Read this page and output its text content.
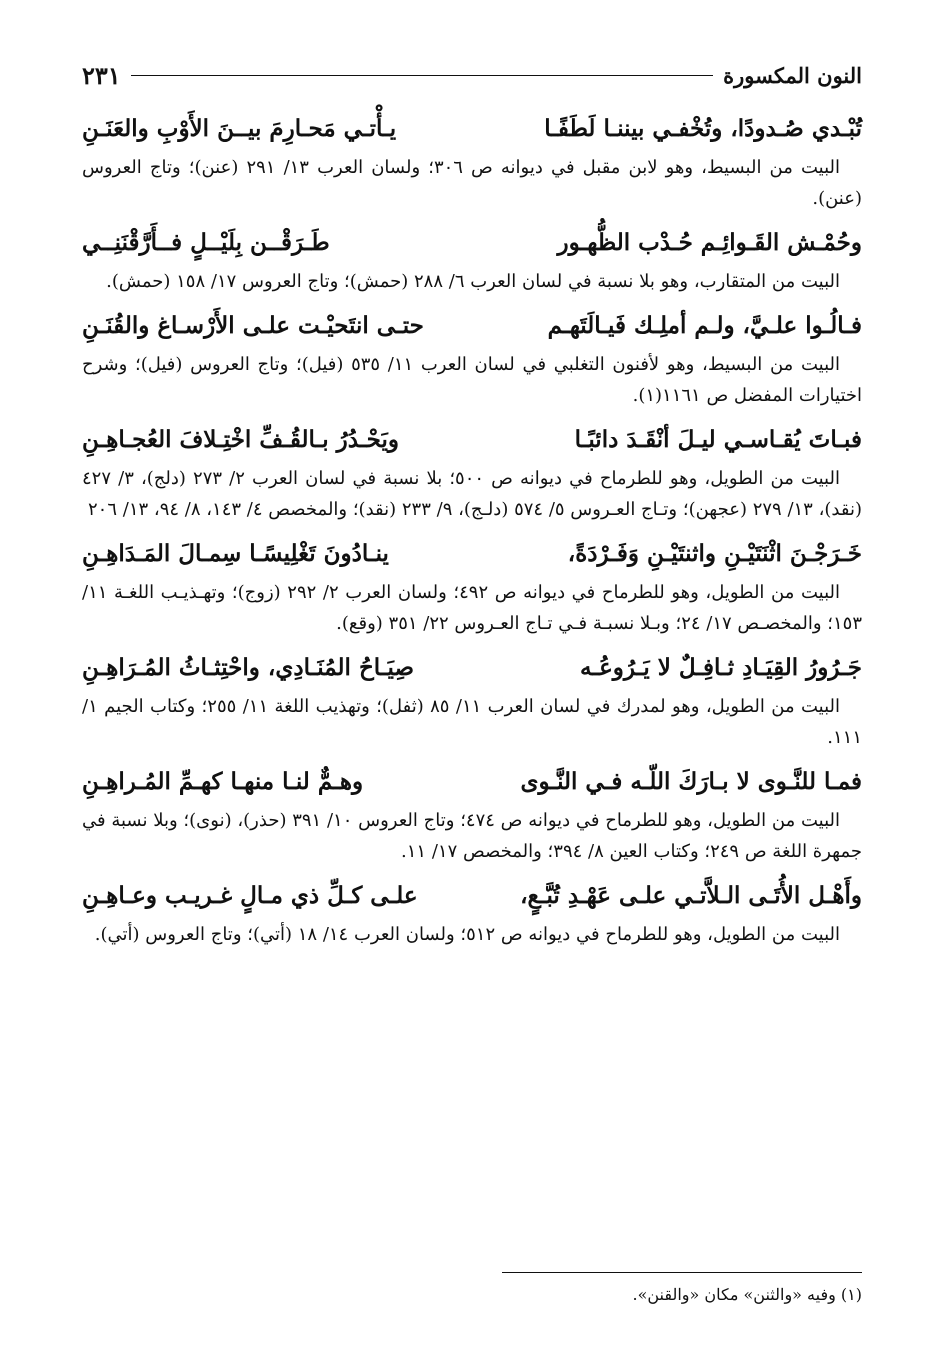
النون المكسورة
٢٣١
تُبْـدي صُـدودًا، وتُخْفـي بيننـا لَطَفًـا
يـأْتـي مَحـارِمَ بيــنَ الأَوْبِ والعَنَـنِ

البيت من البسيط، وهو لابن مقبل في ديوانه ص ٣٠٦؛ ولسان العرب ١٣/ ٢٩١ (عنن)؛ وتاج العروس (عنن).

وحُمْـش القَـوائِـم حُـدْب الظُّهـور
طَـرَقْــن بِلَيْــلٍ فــأَرَّقْنَنِــي

البيت من المتقارب، وهو بلا نسبة في لسان العرب ٦/ ٢٨٨ (حمش)؛ وتاج العروس ١٧/ ١٥٨ (حمش).

فـالُـوا علـيَّ، ولـم أملِـك فَيـالَتَهـم
حتـى انتَحيْـت علـى الأَرْسـاغ والقُنَـنِ

البيت من البسيط، وهو لأفنون التغلبي في لسان العرب ١١/ ٥٣٥ (فيل)؛ وتاج العروس (فيل)؛ وشرح اختيارات المفضل ص ١١٦١(١).

فبـاتَ يُقـاسـي ليـلَ أنْقَـدَ دائبًـا
ويَحْـدُرُ بـالقُـفِّ اخْتِـلافَ العُجـاهِـنِ

البيت من الطويل، وهو للطرماح في ديوانه ص ٥٠٠؛ بلا نسبة في لسان العرب ٢/ ٢٧٣ (دلج)، ٣/ ٤٢٧ (نقد)، ١٣/ ٢٧٩ (عجهن)؛ وتـاج العـروس ٥/ ٥٧٤ (دلـج)، ٩/ ٢٣٣ (نقد)؛ والمخصص ٤/ ١٤٣، ٨/ ٩٤، ١٣/ ٢٠٦

خَـرَجْـنَ اثْنَتَيْـنِ واثنتَيْـنِ وَفَـرْدَةً،
ينـادُونَ تَغْلِيسًـا سِمـالَ المَـدَاهِـنِ

البيت من الطويل، وهو للطرماح في ديوانه ص ٤٩٢؛ ولسان العرب ٢/ ٢٩٢ (زوج)؛ وتهـذيـب اللغـة ١١/ ١٥٣؛ والمخصـص ١٧/ ٢٤؛ وبـلا نسبـة فـي تـاج العـروس ٢٢/ ٣٥١ (وقع).

جَـرُورُ القِيَـادِ ثـافِـلٌ لا يَـرُوعُـه
صِيَـاحُ المُنَـادِي، واحْتِثـاثُ المُـرَاهِـنِ

البيت من الطويل، وهو لمدرك في لسان العرب ١١/ ٨٥ (ثفل)؛ وتهذيب اللغة ١١/ ٢٥٥؛ وكتاب الجيم ١/ ١١١.

فمـا للنَّـوى لا بـارَكَ اللّـه فـي النَّـوى
وهـمٌّ لنـا منهـا كهـمِّ المُـراهِـنِ

البيت من الطويل، وهو للطرماح في ديوانه ص ٤٧٤؛ وتاج العروس ١٠/ ٣٩١ (حذر)، (نوى)؛ وبلا نسبة في جمهرة اللغة ص ٢٤٩؛ وكتاب العين ٨/ ٣٩٤؛ والمخصص ١٧/ ١١.

وأَهْـل الأُتَـى الـلاَّتـي علـى عَهْـدِ تُبَّـعٍ،
علـى كـلِّ ذي مـالٍ غـريـب وعـاهِـنِ

البيت من الطويل، وهو للطرماح في ديوانه ص ٥١٢؛ ولسان العرب ١٤/ ١٨ (أتي)؛ وتاج العروس (أتي).

(١) وفيه «والثنن» مكان «والقنن».
